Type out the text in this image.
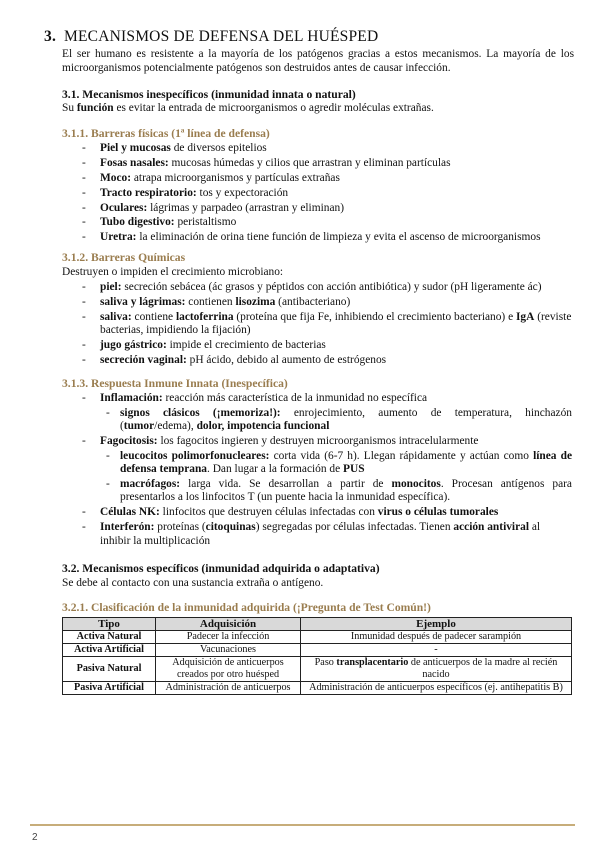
3. MECANISMOS DE DEFENSA DEL HUÉSPED
El ser humano es resistente a la mayoría de los patógenos gracias a estos mecanismos. La mayoría de los microorganismos potencialmente patógenos son destruidos antes de causar infección.
3.1. Mecanismos inespecíficos (inmunidad innata o natural)
Su función es evitar la entrada de microorganismos o agredir moléculas extrañas.
3.1.1. Barreras físicas (1ª línea de defensa)
- Piel y mucosas de diversos epitelios
- Fosas nasales: mucosas húmedas y cilios que arrastran y eliminan partículas
- Moco: atrapa microorganismos y partículas extrañas
- Tracto respiratorio: tos y expectoración
- Oculares: lágrimas y parpadeo (arrastran y eliminan)
- Tubo digestivo: peristaltismo
- Uretra: la eliminación de orina tiene función de limpieza y evita el ascenso de microorganismos
3.1.2. Barreras Químicas
Destruyen o impiden el crecimiento microbiano:
- piel: secreción sebácea (ác grasos y péptidos con acción antibiótica) y sudor (pH ligeramente ác)
- saliva y lágrimas: contienen lisozima (antibacteriano)
- saliva: contiene lactoferrina (proteína que fija Fe, inhibiendo el crecimiento bacteriano) e IgA (reviste bacterias, impidiendo la fijación)
- jugo gástrico: impide el crecimiento de bacterias
- secreción vaginal: pH ácido, debido al aumento de estrógenos
3.1.3. Respuesta Inmune Innata (Inespecífica)
- Inflamación: reacción más característica de la inmunidad no específica
- signos clásicos (¡memoriza!): enrojecimiento, aumento de temperatura, hinchazón (tumor/edema), dolor, impotencia funcional
- Fagocitosis: los fagocitos ingieren y destruyen microorganismos intracelularmente
- leucocitos polimorfonucleares: corta vida (6-7 h). Llegan rápidamente y actúan como línea de defensa temprana. Dan lugar a la formación de PUS
- macrófagos: larga vida. Se desarrollan a partir de monocitos. Procesan antígenos para presentarlos a los linfocitos T (un puente hacia la inmunidad específica).
- Células NK: linfocitos que destruyen células infectadas con virus o células tumorales
- Interferón: proteínas (citoquinas) segregadas por células infectadas. Tienen acción antiviral al inhibir la multiplicación
3.2. Mecanismos específicos (inmunidad adquirida o adaptativa)
Se debe al contacto con una sustancia extraña o antígeno.
3.2.1. Clasificación de la inmunidad adquirida (¡Pregunta de Test Común!)
Tipo	Adquisición	Ejemplo
Activa Natural	Padecer la infección	Inmunidad después de padecer sarampión
Activa Artificial	Vacunaciones	-
Pasiva Natural	Adquisición de anticuerpos creados por otro huésped	Paso transplacentario de anticuerpos de la madre al recién nacido
Pasiva Artificial	Administración de anticuerpos	Administración de anticuerpos específicos (ej. antihepatitis B)
2
